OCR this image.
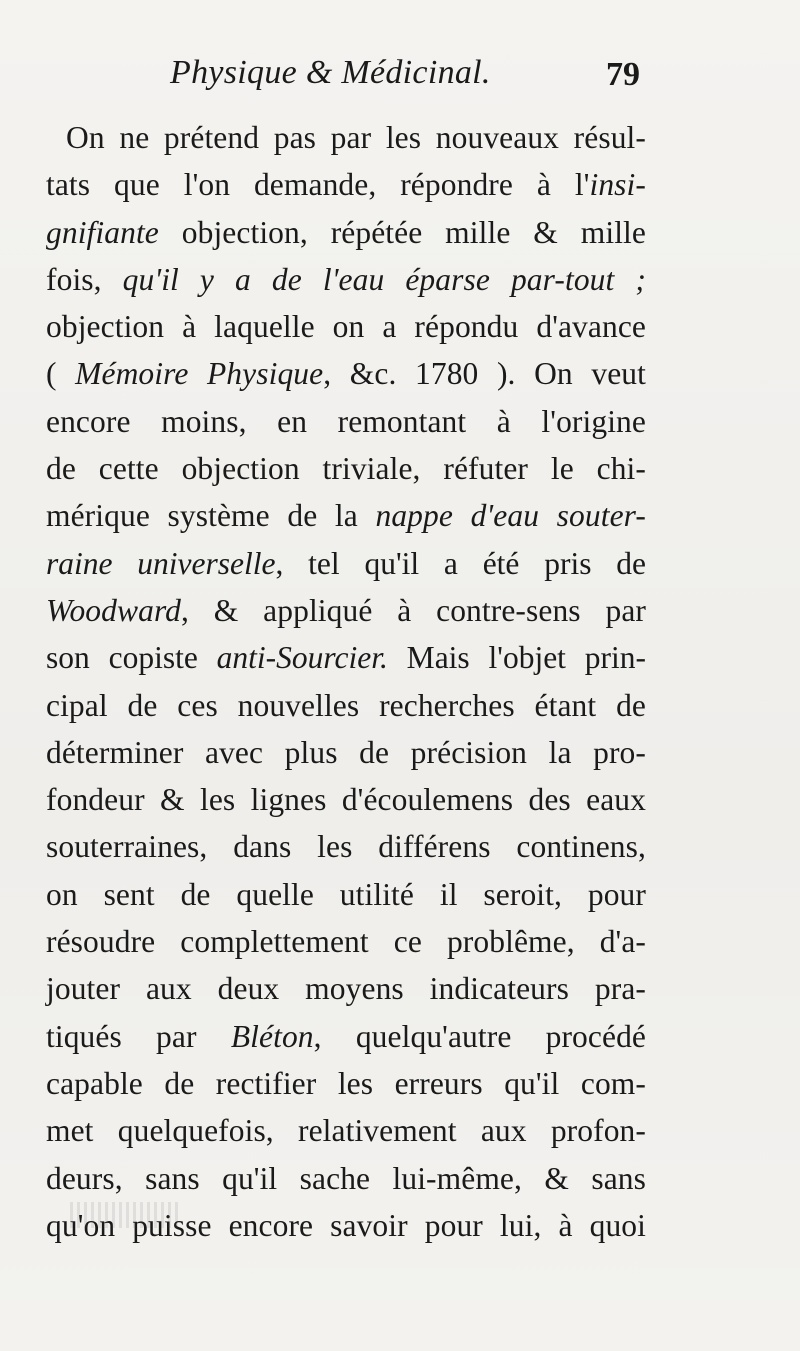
Physique & Médicinal.	79
On ne prétend pas par les nouveaux résul-
tats que l'on demande, répondre à l'insi-
gnifiante objection, répétée mille & mille
fois, qu'il y a de l'eau éparse par-tout ;
objection à laquelle on a répondu d'avance
( Mémoire Physique, &c. 1780 ). On veut
encore moins, en remontant à l'origine
de cette objection triviale, réfuter le chi-
mérique système de la nappe d'eau souter-
raine universelle, tel qu'il a été pris de
Woodward, & appliqué à contre-sens par
son copiste anti-Sourcier. Mais l'objet prin-
cipal de ces nouvelles recherches étant de
déterminer avec plus de précision la pro-
fondeur & les lignes d'écoulemens des eaux
souterraines, dans les différens continens,
on sent de quelle utilité il seroit, pour
résoudre complettement ce problême, d'a-
jouter aux deux moyens indicateurs pra-
tiqués par Bléton, quelqu'autre procédé
capable de rectifier les erreurs qu'il com-
met quelquefois, relativement aux profon-
deurs, sans qu'il sache lui-même, & sans
qu'on puisse encore savoir pour lui, à quoi
